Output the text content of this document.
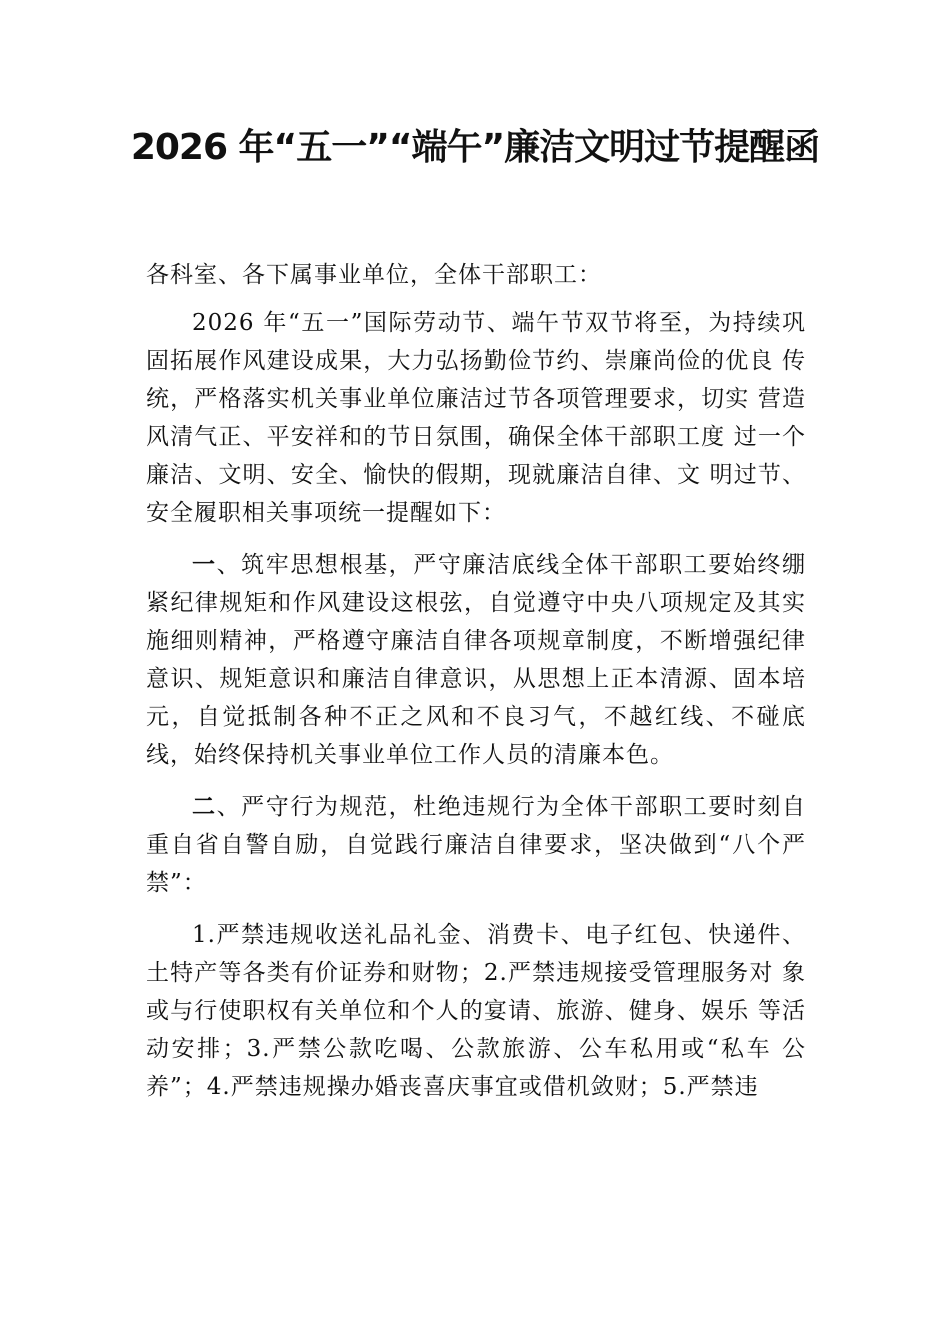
2026 年“五一”“端午”廉洁文明过节提醒函

各科室、各下属事业单位，全体干部职工：

2026 年“五一”国际劳动节、端午节双节将至，为持续巩 固拓展作风建设成果，大力弘扬勤俭节约、崇廉尚俭的优良 传统，严格落实机关事业单位廉洁过节各项管理要求，切实 营造风清气正、平安祥和的节日氛围，确保全体干部职工度 过一个廉洁、文明、安全、愉快的假期，现就廉洁自律、文 明过节、安全履职相关事项统一提醒如下：

一、筑牢思想根基，严守廉洁底线全体干部职工要始终绷紧纪律规矩和作风建设这根弦，自觉遵守中央八项规定及其实施细则精神，严格遵守廉洁自律各项规章制度，不断增强纪律意识、规矩意识和廉洁自律意识，从思想上正本清源、固本培元，自觉抵制各种不正之风和不良习气，不越红线、不碰底线，始终保持机关事业单位工作人员的清廉本色。

二、严守行为规范，杜绝违规行为全体干部职工要时刻自重自省自警自励，自觉践行廉洁自律要求，坚决做到“八个严禁”：

1.严禁违规收送礼品礼金、消费卡、电子红包、快递件、 土特产等各类有价证券和财物；2.严禁违规接受管理服务对 象或与行使职权有关单位和个人的宴请、旅游、健身、娱乐 等活动安排；3.严禁公款吃喝、公款旅游、公车私用或“私车 公养”；4.严禁违规操办婚丧喜庆事宜或借机敛财；5.严禁违
